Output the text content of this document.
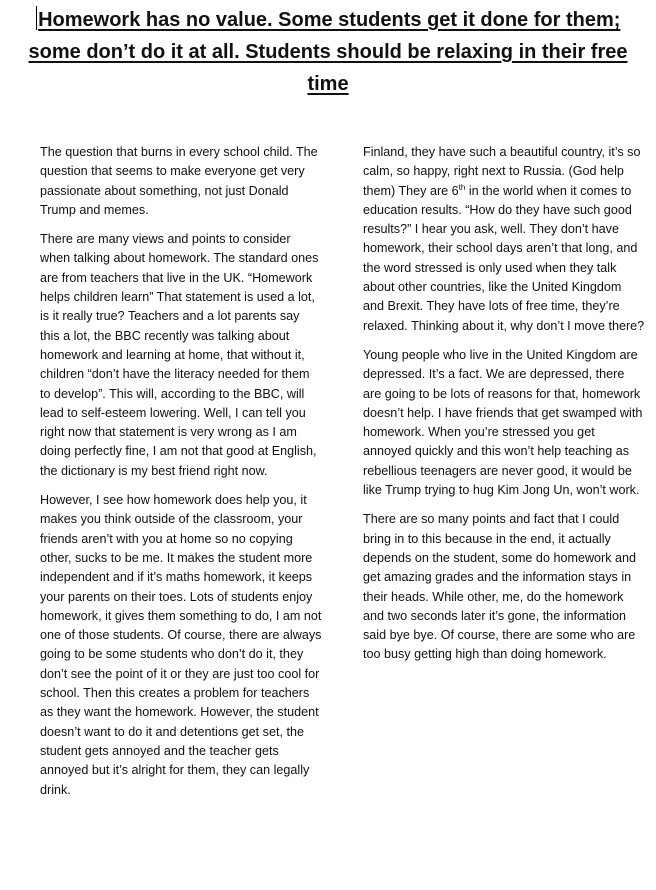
Homework has no value. Some students get it done for them; some don’t do it at all. Students should be relaxing in their free time

The question that burns in every school child. The question that seems to make everyone get very passionate about something, not just Donald Trump and memes.

There are many views and points to consider when talking about homework. The standard ones are from teachers that live in the UK. “Homework helps children learn” That statement is used a lot, is it really true? Teachers and a lot parents say this a lot, the BBC recently was talking about homework and learning at home, that without it, children “don’t have the literacy needed for them to develop”. This will, according to the BBC, will lead to self-esteem lowering. Well, I can tell you right now that statement is very wrong as I am doing perfectly fine, I am not that good at English, the dictionary is my best friend right now.

However, I see how homework does help you, it makes you think outside of the classroom, your friends aren’t with you at home so no copying other, sucks to be me. It makes the student more independent and if it’s maths homework, it keeps your parents on their toes. Lots of students enjoy homework, it gives them something to do, I am not one of those students. Of course, there are always going to be some students who don’t do it, they don’t see the point of it or they are just too cool for school. Then this creates a problem for teachers as they want the homework. However, the student doesn’t want to do it and detentions get set, the student gets annoyed and the teacher gets annoyed but it’s alright for them, they can legally drink.

Finland, they have such a beautiful country, it’s so calm, so happy, right next to Russia. (God help them) They are 6th in the world when it comes to education results. “How do they have such good results?” I hear you ask, well. They don’t have homework, their school days aren’t that long, and the word stressed is only used when they talk about other countries, like the United Kingdom and Brexit. They have lots of free time, they’re relaxed. Thinking about it, why don’t I move there?

Young people who live in the United Kingdom are depressed. It’s a fact. We are depressed, there are going to be lots of reasons for that, homework doesn’t help. I have friends that get swamped with homework. When you’re stressed you get annoyed quickly and this won’t help teaching as rebellious teenagers are never good, it would be like Trump trying to hug Kim Jong Un, won’t work.

There are so many points and fact that I could bring in to this because in the end, it actually depends on the student, some do homework and get amazing grades and the information stays in their heads. While other, me, do the homework and two seconds later it’s gone, the information said bye bye. Of course, there are some who are too busy getting high than doing homework.
